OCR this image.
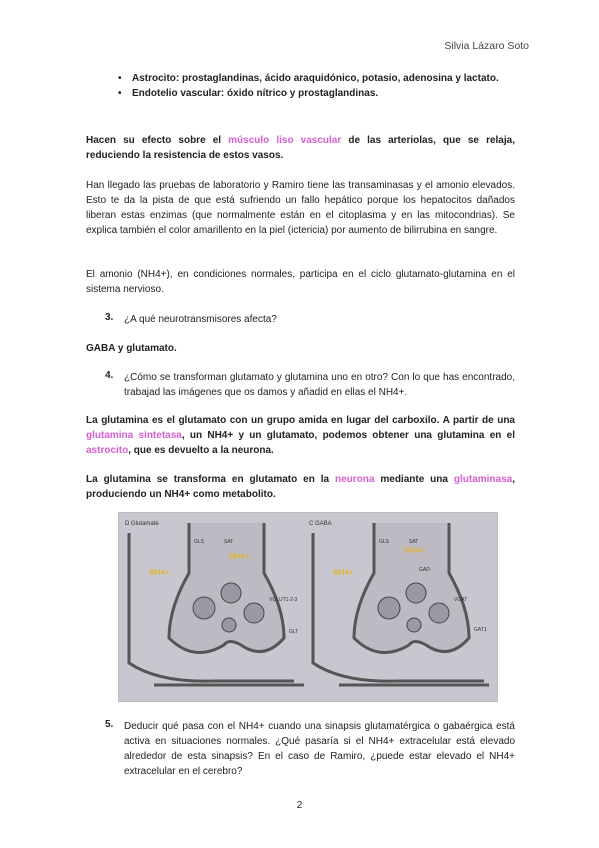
Silvia Lázaro Soto
• Astrocito: prostaglandinas, ácido araquidónico, potasio, adenosina y lactato.
• Endotelio vascular: óxido nítrico y prostaglandinas.
Hacen su efecto sobre el músculo liso vascular de las arteriolas, que se relaja, reduciendo la resistencia de estos vasos.
Han llegado las pruebas de laboratorio y Ramiro tiene las transaminasas y el amonio elevados. Esto te da la pista de que está sufriendo un fallo hepático porque los hepatocitos dañados liberan estas enzimas (que normalmente están en el citoplasma y en las mitocondrias). Se explica también el color amarillento en la piel (ictericia) por aumento de bilirrubina en sangre.
El amonio (NH4+), en condiciones normales, participa en el ciclo glutamato-glutamina en el sistema nervioso.
3. ¿A qué neurotransmisores afecta?
GABA y glutamato.
4. ¿Cómo se transforman glutamato y glutamina uno en otro? Con lo que has encontrado, trabajad las imágenes que os damos y añadid en ellas el NH4+.
La glutamina es el glutamato con un grupo amida en lugar del carboxilo. A partir de una glutamina sintetasa, un NH4+ y un glutamato, podemos obtener una glutamina en el astrocito, que es devuelto a la neurona.
La glutamina se transforma en glutamato en la neurona mediante una glutaminasa, produciendo un NH4+ como metabolito.
D Glutamate
NH4+
NH4+
GLS	SAT
VGLUT1-2-3
GLT
C GABA
NH4+
NH4+
GLS	SAT
GAD
VGAT
GAT1
5. Deducir qué pasa con el NH4+ cuando una sinapsis glutamatérgica o gabaérgica está activa en situaciones normales. ¿Qué pasaría si el NH4+ extracelular está elevado alrededor de esta sinapsis? En el caso de Ramiro, ¿puede estar elevado el NH4+ extracelular en el cerebro?
2
